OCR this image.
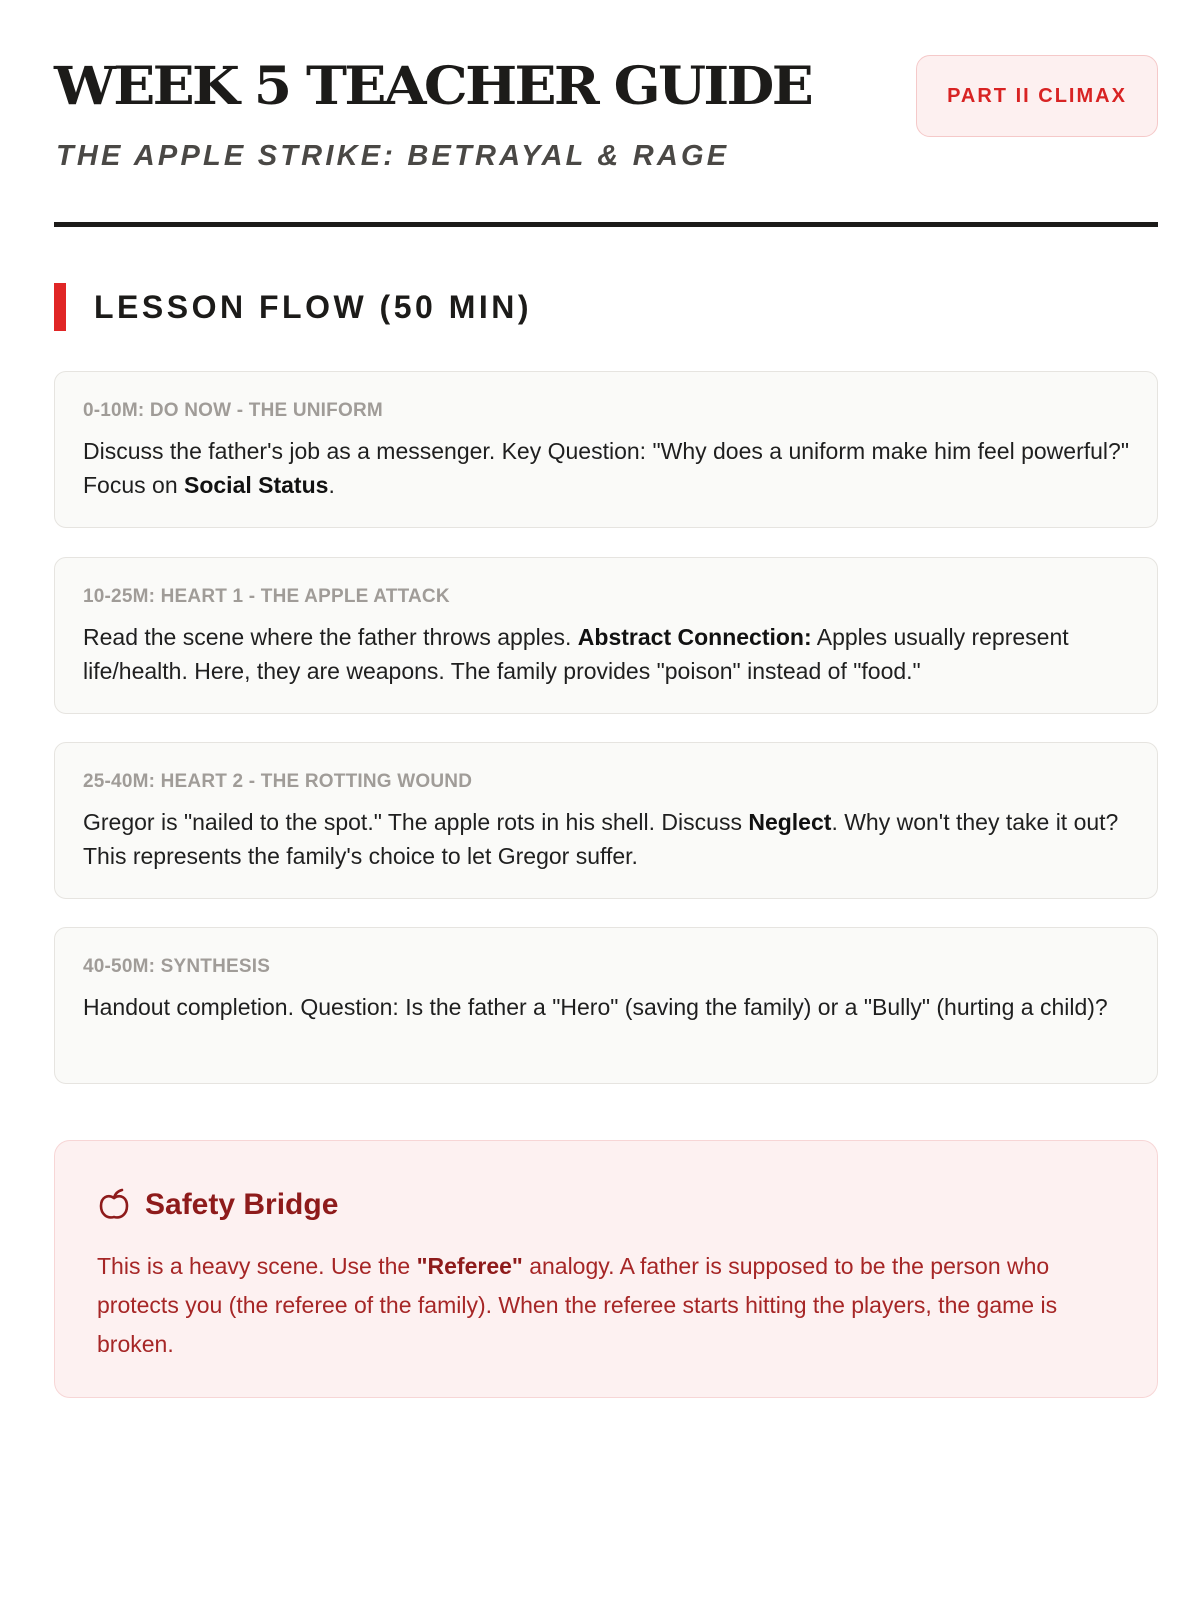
WEEK 5 TEACHER GUIDE
THE APPLE STRIKE: BETRAYAL & RAGE
PART II CLIMAX
LESSON FLOW (50 MIN)
0-10M: DO NOW - THE UNIFORM
Discuss the father's job as a messenger. Key Question: "Why does a uniform make him feel powerful?" Focus on Social Status.
10-25M: HEART 1 - THE APPLE ATTACK
Read the scene where the father throws apples. Abstract Connection: Apples usually represent life/health. Here, they are weapons. The family provides "poison" instead of "food."
25-40M: HEART 2 - THE ROTTING WOUND
Gregor is "nailed to the spot." The apple rots in his shell. Discuss Neglect. Why won't they take it out? This represents the family's choice to let Gregor suffer.
40-50M: SYNTHESIS
Handout completion. Question: Is the father a "Hero" (saving the family) or a "Bully" (hurting a child)?
Safety Bridge
This is a heavy scene. Use the "Referee" analogy. A father is supposed to be the person who protects you (the referee of the family). When the referee starts hitting the players, the game is broken.
